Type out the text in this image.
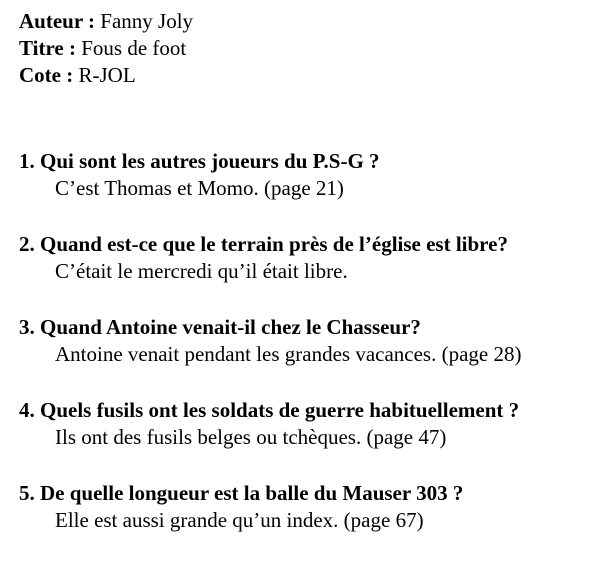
Auteur : Fanny Joly
Titre : Fous de foot
Cote : R-JOL
1. Qui sont les autres joueurs du P.S-G ?
C’est Thomas et Momo. (page 21)
2. Quand est-ce que le terrain près de l’église est libre?
C’était le mercredi qu’il était libre.
3. Quand Antoine venait-il chez le Chasseur?
Antoine venait pendant les grandes vacances. (page 28)
4. Quels fusils ont les soldats de guerre habituellement ?
Ils ont des fusils belges ou tchèques. (page 47)
5. De quelle longueur est la balle du Mauser 303 ?
Elle est aussi grande qu’un index. (page 67)
